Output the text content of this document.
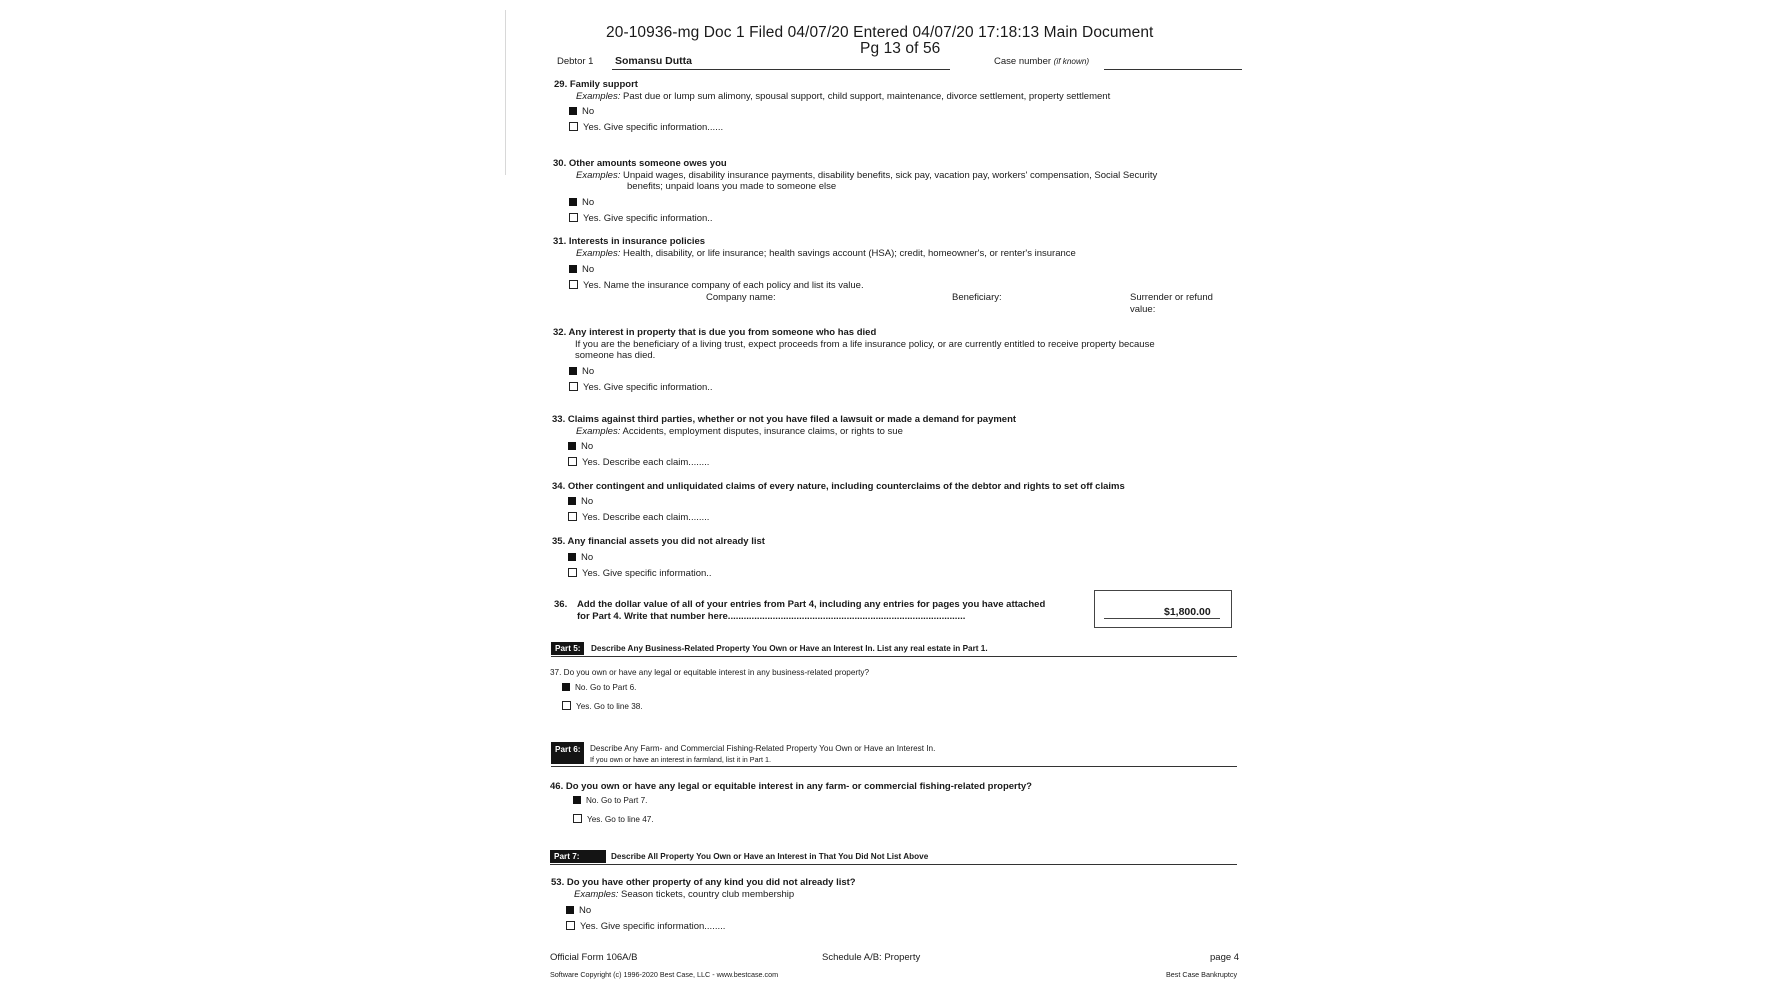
20-10936-mg Doc 1 Filed 04/07/20 Entered 04/07/20 17:18:13 Main Document
Pg 13 of 56
Debtor 1 Somansu Dutta	Case number (if known)
29. Family support
Examples: Past due or lump sum alimony, spousal support, child support, maintenance, divorce settlement, property settlement
No
Yes. Give specific information......
30. Other amounts someone owes you
Examples: Unpaid wages, disability insurance payments, disability benefits, sick pay, vacation pay, workers' compensation, Social Security
benefits; unpaid loans you made to someone else
No
Yes. Give specific information..
31. Interests in insurance policies
Examples: Health, disability, or life insurance; health savings account (HSA); credit, homeowner's, or renter's insurance
No
Yes. Name the insurance company of each policy and list its value.
Company name:	Beneficiary:	Surrender or refund
value:
32. Any interest in property that is due you from someone who has died
If you are the beneficiary of a living trust, expect proceeds from a life insurance policy, or are currently entitled to receive property because
someone has died.
No
Yes. Give specific information..
33. Claims against third parties, whether or not you have filed a lawsuit or made a demand for payment
Examples: Accidents, employment disputes, insurance claims, or rights to sue
No
Yes. Describe each claim........
34. Other contingent and unliquidated claims of every nature, including counterclaims of the debtor and rights to set off claims
No
Yes. Describe each claim........
35. Any financial assets you did not already list
No
Yes. Give specific information..
36. Add the dollar value of all of your entries from Part 4, including any entries for pages you have attached
for Part 4. Write that number here..........................................................................................	$1,800.00
Part 5:	Describe Any Business-Related Property You Own or Have an Interest In. List any real estate in Part 1.
37. Do you own or have any legal or equitable interest in any business-related property?
No. Go to Part 6.
Yes. Go to line 38.
Part 6:	Describe Any Farm- and Commercial Fishing-Related Property You Own or Have an Interest In.
If you own or have an interest in farmland, list it in Part 1.
46. Do you own or have any legal or equitable interest in any farm- or commercial fishing-related property?
No. Go to Part 7.
Yes. Go to line 47.
Part 7:	Describe All Property You Own or Have an Interest in That You Did Not List Above
53. Do you have other property of any kind you did not already list?
Examples: Season tickets, country club membership
No
Yes. Give specific information........
Official Form 106A/B	Schedule A/B: Property	page 4
Software Copyright (c) 1996-2020 Best Case, LLC - www.bestcase.com	Best Case Bankruptcy
